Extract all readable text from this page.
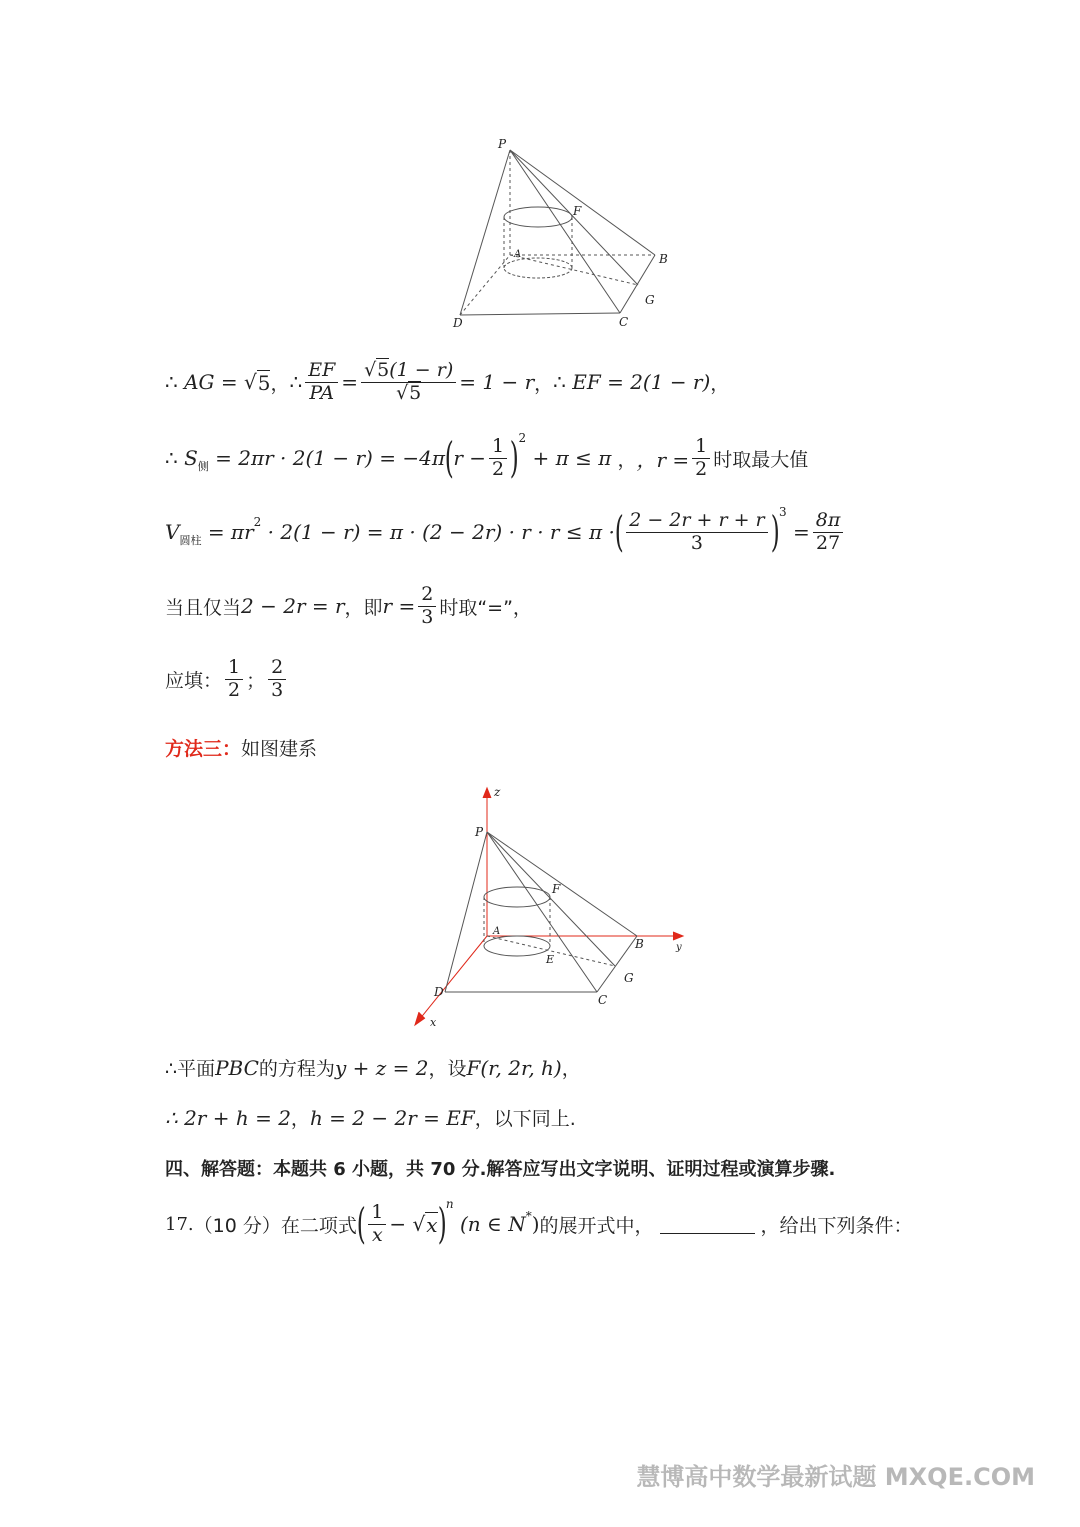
P
F
A	B
G
D	C
∴
AG
= √ 5 ， ∴ $\frac{EF}{PA} = \frac{√5(1 - r)}{√5} = 1 - r$ ， ∴ EF
= 2(1 − r) ，
∴ S 侧
= 2πr · 2(1 − r) = −4π ( $r - \frac{1}{2}$ ) 2

+ π ≤ π ， ，$r = \frac{1}{2}$ 时取最大值
V 圆柱
= πr 2
· 2(1 − r) = π · (2 − 2r) · r · r ≤ π · ( $\frac{2 - 2r + r + r}{3}$ ) 3

= $\frac{8\pi}{27}$
当且仅当 2 − 2r = r ，即 $r = \frac{2}{3}$ 时取“=”，
应填： $\frac{1}{2}$ ； $\frac{2}{3}$
方法三： 如图建系
z
P
F
A
B	y
E
G
D
C
x
∴平面 PBC 的方程为 y + z = 2 ，设 F(r, 2r, h) ，
∴ 2r + h = 2 ， h = 2 − 2r = EF ，以下同上.
四、解答题：本题共 6 小题，共 70 分.解答应写出文字说明、证明过程或演算步骤.
17. （10 分）在二项式 ( $\frac{1}{x}$ − √ x ) n

(n ∈ N * ) 的展开式中，	，给出下列条件：
慧博高中数学最新试题 MXQE.COM
